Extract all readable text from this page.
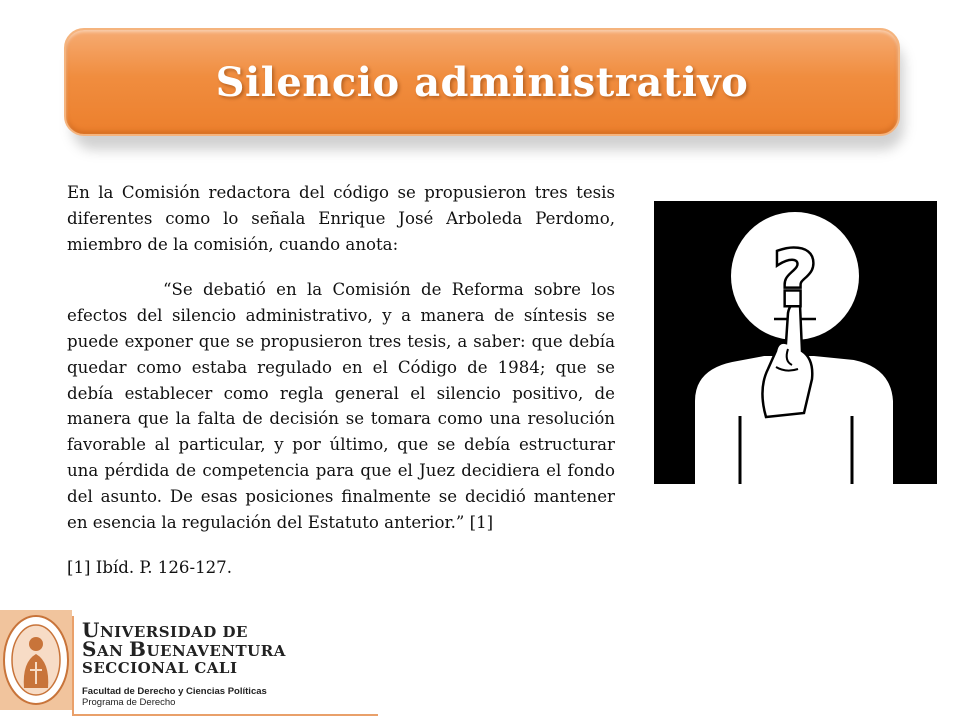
Silencio administrativo

En la Comisión redactora del código se propusieron tres tesis diferentes como lo señala Enrique José Arboleda Perdomo, miembro de la comisión, cuando anota:

“Se debatió en la Comisión de Reforma sobre los efectos del silencio administrativo, y a manera de síntesis se puede exponer que se propusieron tres tesis, a saber: que debía quedar como estaba regulado en el Código de 1984; que se debía establecer como regla general el silencio positivo, de manera que la falta de decisión se tomara como una resolución favorable al particular, y por último, que se debía estructurar una pérdida de competencia para que el Juez decidiera el fondo del asunto. De esas posiciones finalmente se decidió mantener en esencia la regulación del Estatuto anterior.” [1]

[1] Ibíd. P. 126-127.

?
UNIVERSIDAD DE
SAN BUENAVENTURA
SECCIONAL CALI
Facultad de Derecho y Ciencias Políticas
Programa de Derecho
